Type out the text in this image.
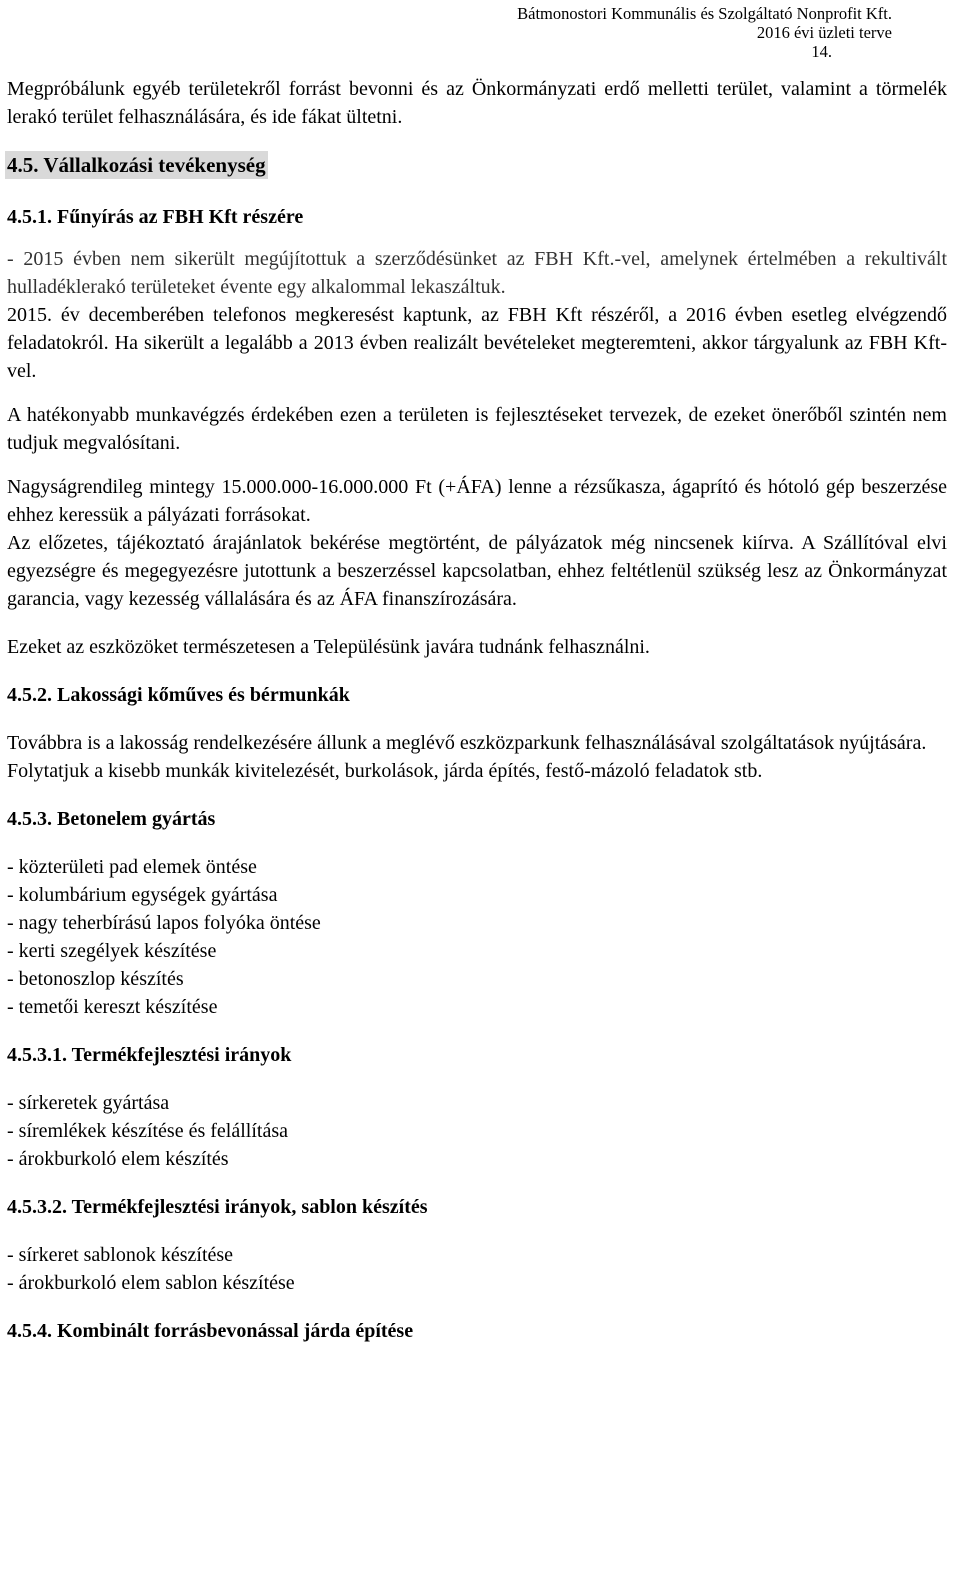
Bátmonostori Kommunális és Szolgáltató Nonprofit Kft.
2016 évi üzleti terve
14.

Megpróbálunk egyéb területekről forrást bevonni és az Önkormányzati erdő melletti terület, valamint a törmelék lerakó terület felhasználására, és ide fákat ültetni.

4.5. Vállalkozási tevékenység

4.5.1. Fűnyírás az FBH Kft részére

- 2015 évben nem sikerült megújítottuk a szerződésünket az FBH Kft.-vel, amelynek értelmében a rekultivált hulladéklerakó területeket évente egy alkalommal lekaszáltuk.

2015. év decemberében telefonos megkeresést kaptunk, az FBH Kft részéről, a 2016 évben esetleg elvégzendő feladatokról. Ha sikerült a legalább a 2013 évben realizált bevételeket megteremteni, akkor tárgyalunk az FBH Kft-vel.

A hatékonyabb munkavégzés érdekében ezen a területen is fejlesztéseket tervezek, de ezeket önerőből szintén nem tudjuk megvalósítani.

Nagyságrendileg mintegy 15.000.000-16.000.000 Ft (+ÁFA) lenne a rézsűkasza, ágaprító és hótoló gép beszerzése ehhez keressük a pályázati forrásokat.

Az előzetes, tájékoztató árajánlatok bekérése megtörtént, de pályázatok még nincsenek kiírva. A Szállítóval elvi egyezségre és megegyezésre jutottunk a beszerzéssel kapcsolatban, ehhez feltétlenül szükség lesz az Önkormányzat garancia, vagy kezesség vállalására és az ÁFA finanszírozására.

Ezeket az eszközöket természetesen a Településünk javára tudnánk felhasználni.

4.5.2. Lakossági kőműves és bérmunkák

Továbbra is a lakosság rendelkezésére állunk a meglévő eszközparkunk felhasználásával szolgáltatások nyújtására.

Folytatjuk a kisebb munkák kivitelezését, burkolások, járda építés, festő-mázoló feladatok stb.

4.5.3. Betonelem gyártás

- közterületi pad elemek öntése
- kolumbárium egységek gyártása
- nagy teherbírású lapos folyóka öntése
- kerti szegélyek készítése
- betonoszlop készítés
- temetői kereszt készítése

4.5.3.1. Termékfejlesztési irányok

- sírkeretek gyártása
- síremlékek készítése és felállítása
- árokburkoló elem készítés

4.5.3.2. Termékfejlesztési irányok, sablon készítés

- sírkeret sablonok készítése
- árokburkoló elem sablon készítése

4.5.4. Kombinált forrásbevonással járda építése
